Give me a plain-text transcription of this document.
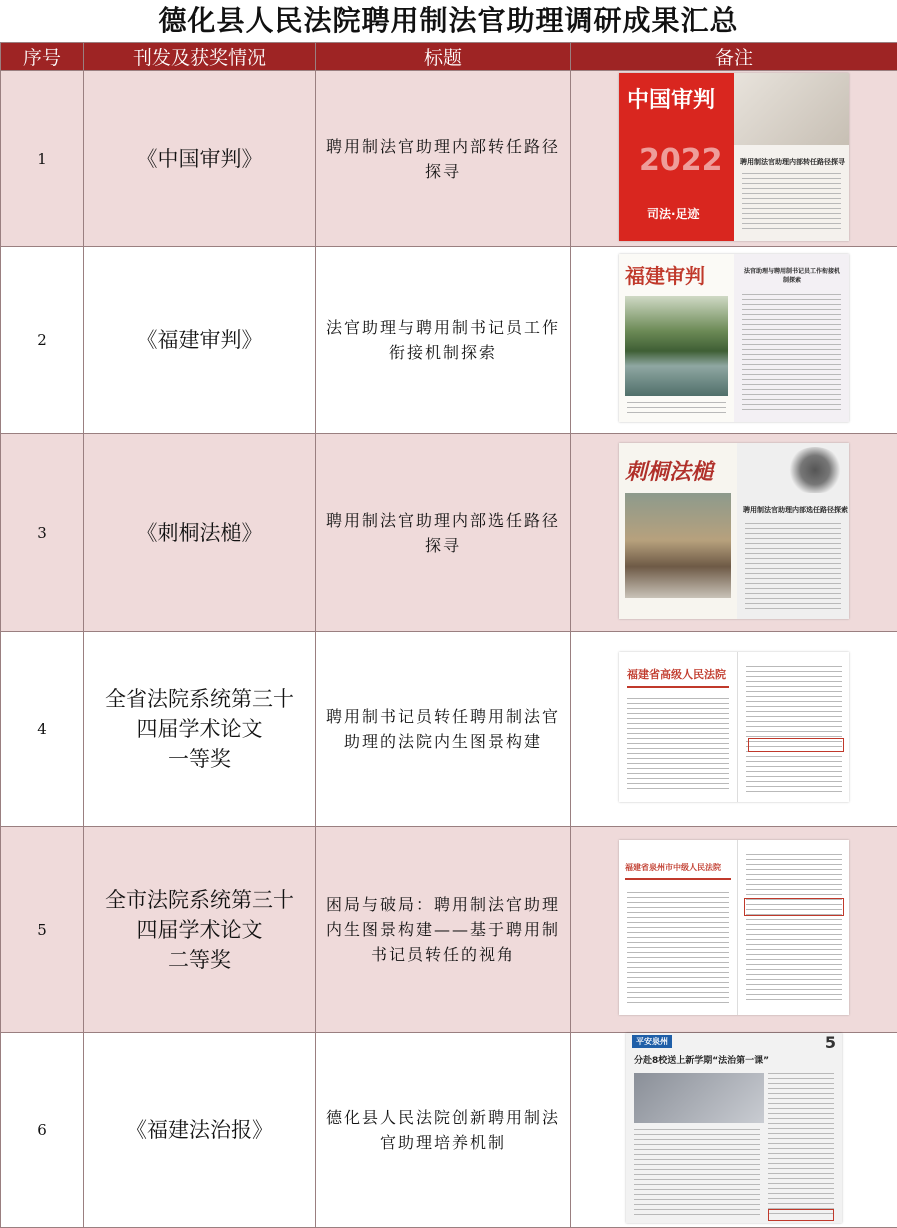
德化县人民法院聘用制法官助理调研成果汇总
序号	刊发及获奖情况	标题	备注
1	《中国审判》	聘用制法官助理内部转任路径探寻	中国审判
2022
司法·足迹
聘用制法官助理内部转任路径探寻

2	《福建审判》	法官助理与聘用制书记员工作衔接机制探索	福建审判 法官助理与聘用制书记员工作衔接机制探索

3	《刺桐法槌》	聘用制法官助理内部选任路径探寻	刺桐法槌
聘用制法官助理内部选任路径探索

4	全省法院系统第三十
四届学术论文
一等奖	聘用制书记员转任聘用制法官助理的法院内生图景构建	福建省高级人民法院

5	全市法院系统第三十
四届学术论文
二等奖	困局与破局：聘用制法官助理内生图景构建——基于聘用制书记员转任的视角	福建省泉州市中级人民法院

6	《福建法治报》	德化县人民法院创新聘用制法官助理培养机制	平安泉州 5
分赴8校送上新学期“法治第一课”
